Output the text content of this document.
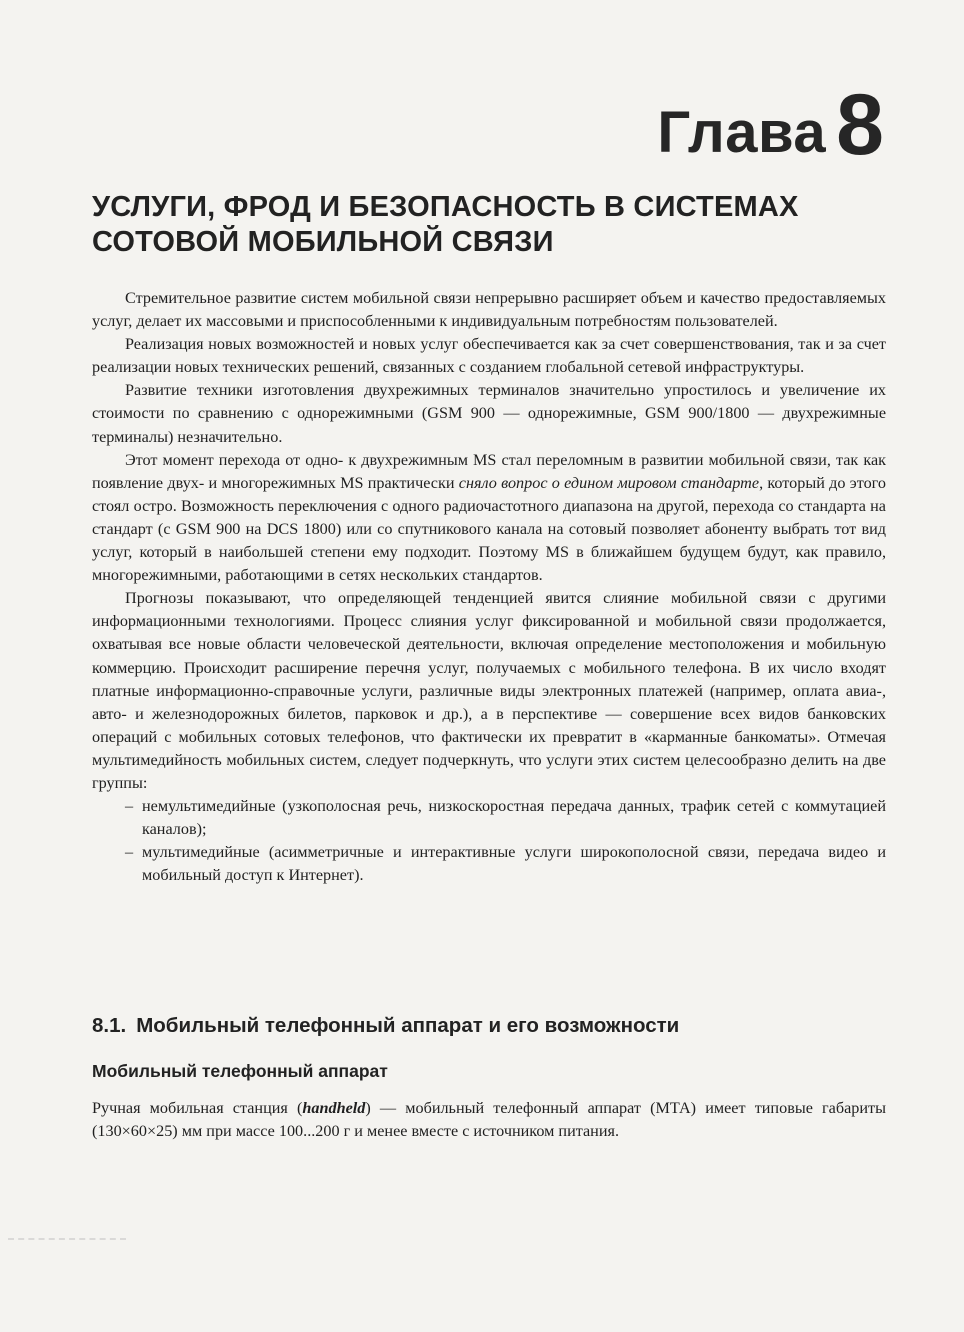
Глава 8
УСЛУГИ, ФРОД И БЕЗОПАСНОСТЬ В СИСТЕМАХ СОТОВОЙ МОБИЛЬНОЙ СВЯЗИ

Стремительное развитие систем мобильной связи непрерывно расширяет объем и качество предоставляемых услуг, делает их массовыми и приспособленными к индивидуальным потребностям пользователей.

Реализация новых возможностей и новых услуг обеспечивается как за счет совершенствования, так и за счет реализации новых технических решений, связанных с созданием глобальной сетевой инфраструктуры.

Развитие техники изготовления двухрежимных терминалов значительно упростилось и увеличение их стоимости по сравнению с однорежимными (GSM 900 — однорежимные, GSM 900/1800 — двухрежимные терминалы) незначительно.

Этот момент перехода от одно- к двухрежимным MS стал переломным в развитии мобильной связи, так как появление двух- и многорежимных MS практически сняло вопрос о едином мировом стандарте, который до этого стоял остро. Возможность переключения с одного радиочастотного диапазона на другой, перехода со стандарта на стандарт (с GSM 900 на DCS 1800) или со спутникового канала на сотовый позволяет абоненту выбрать тот вид услуг, который в наибольшей степени ему подходит. Поэтому MS в ближайшем будущем будут, как правило, многорежимными, работающими в сетях нескольких стандартов.

Прогнозы показывают, что определяющей тенденцией явится слияние мобильной связи с другими информационными технологиями. Процесс слияния услуг фиксированной и мобильной связи продолжается, охватывая все новые области человеческой деятельности, включая определение местоположения и мобильную коммерцию. Происходит расширение перечня услуг, получаемых с мобильного телефона. В их число входят платные информационно-справочные услуги, различные виды электронных платежей (например, оплата авиа-, авто- и железнодорожных билетов, парковок и др.), а в перспективе — совершение всех видов банковских операций с мобильных сотовых телефонов, что фактически их превратит в «карманные банкоматы». Отмечая мультимедийность мобильных систем, следует подчеркнуть, что услуги этих систем целесообразно делить на две группы:

– немультимедийные (узкополосная речь, низкоскоростная передача данных, трафик сетей с коммутацией каналов);
– мультимедийные (асимметричные и интерактивные услуги широкополосной связи, передача видео и мобильный доступ к Интернет).
8.1. Мобильный телефонный аппарат и его возможности
Мобильный телефонный аппарат

Ручная мобильная станция (handheld) — мобильный телефонный аппарат (МТА) имеет типовые габариты (130×60×25) мм при массе 100...200 г и менее вместе с источником питания.
